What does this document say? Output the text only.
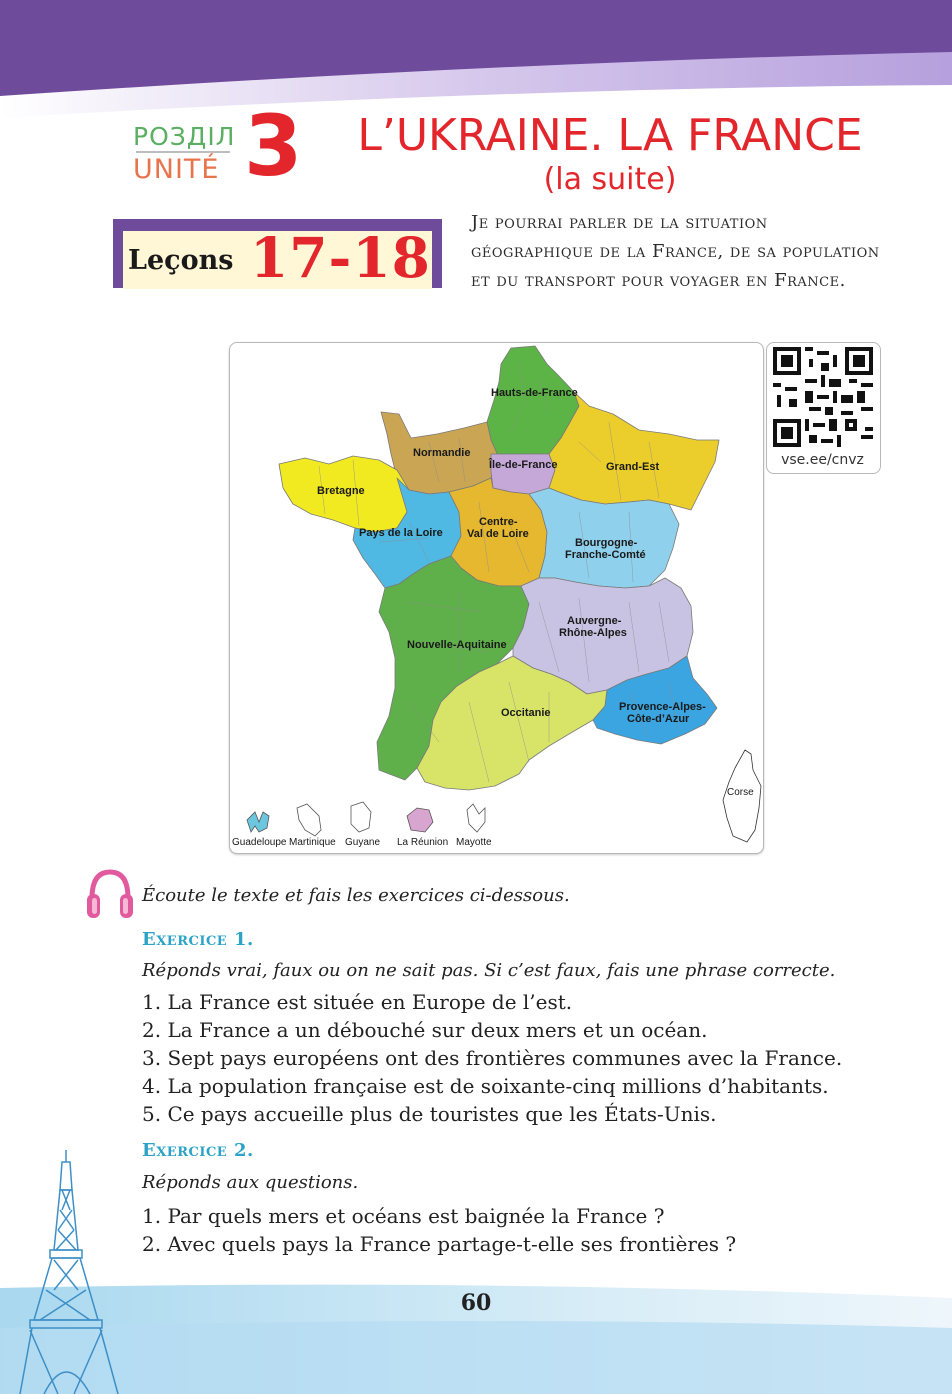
РОЗДІЛ
UNITÉ 3	L’UKRAINE. LA FRANCE
(la suite)
Leçons 17-18
Je pourrai parler de la situation géographique de la France, de sa population et du transport pour voyager en France.
Hauts-de-France
Normandie
Île-de-France	Grand-Est
Bretagne
Pays de la Loire
Centre-
Val de Loire
Bourgogne-
Franche-Comté
Auvergne-
Rhône-Alpes
Nouvelle-Aquitaine
Occitanie	Provence-Alpes-
Côte-d’Azur
Corse
Guadeloupe Martinique Guyane La Réunion Mayotte
vse.ee/cnvz
Écoute le texte et fais les exercices ci-dessous.
Exercice 1.
Réponds vrai, faux ou on ne sait pas. Si c’est faux, fais une phrase correcte.
1. La France est située en Europe de l’est.
2. La France a un débouché sur deux mers et un océan.
3. Sept pays européens ont des frontières communes avec la France.
4. La population française est de soixante-cinq millions d’habitants.
5. Ce pays accueille plus de touristes que les États-Unis.
Exercice 2.
Réponds aux questions.
1. Par quels mers et océans est baignée la France ?
2. Avec quels pays la France partage-t-elle ses frontières ?
60
